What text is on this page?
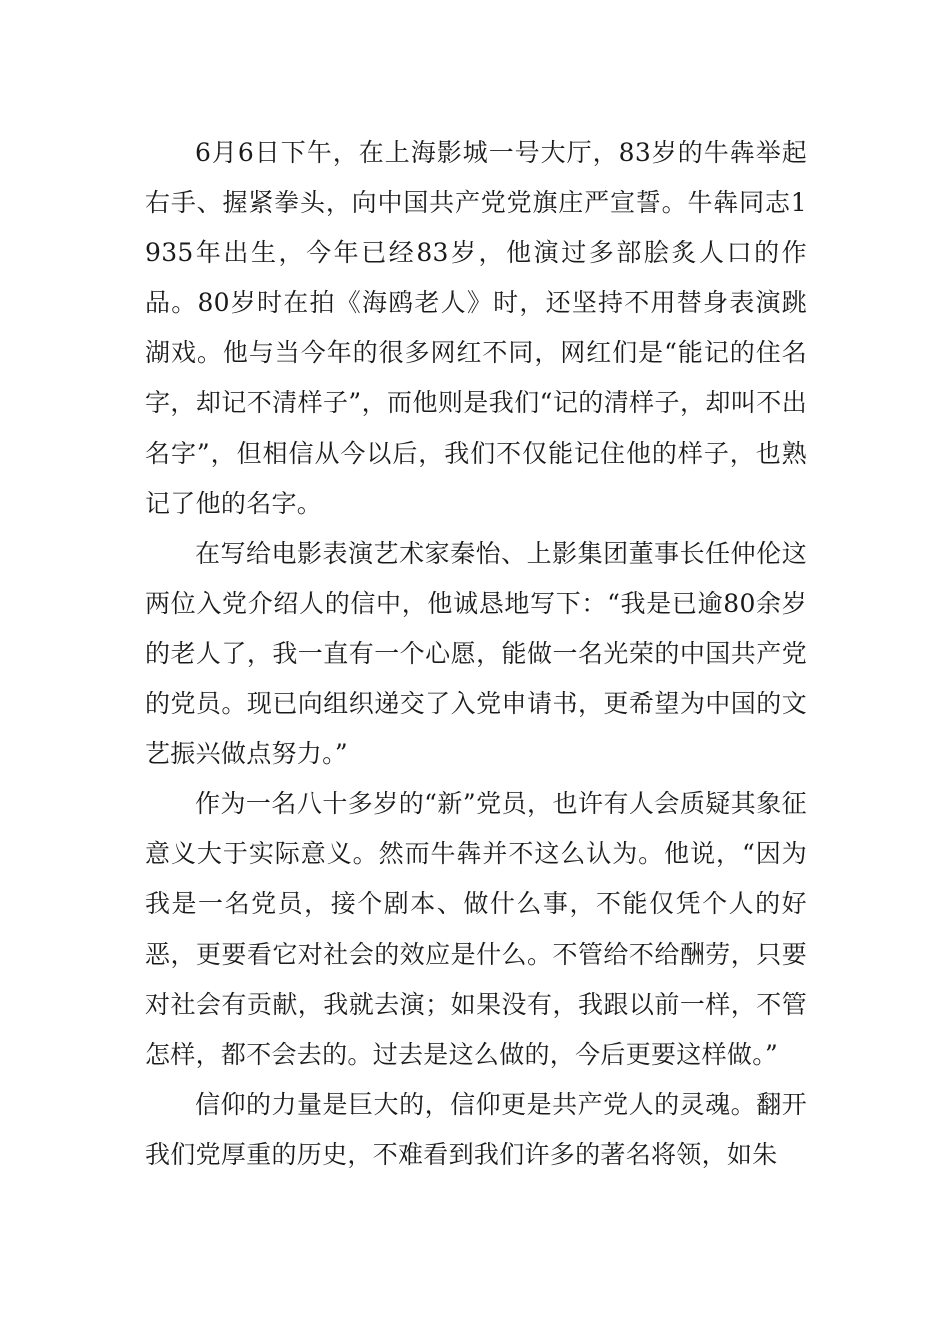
6月6日下午，在上海影城一号大厅，83岁的牛犇举起右手、握紧拳头，向中国共产党党旗庄严宣誓。牛犇同志1935年出生，今年已经83岁，他演过多部脍炙人口的作品。80岁时在拍《海鸥老人》时，还坚持不用替身表演跳湖戏。他与当今年的很多网红不同，网红们是“能记的住名字，却记不清样子”，而他则是我们“记的清样子，却叫不出名字”，但相信从今以后，我们不仅能记住他的样子，也熟记了他的名字。

在写给电影表演艺术家秦怡、上影集团董事长任仲伦这两位入党介绍人的信中，他诚恳地写下：“我是已逾80余岁的老人了，我一直有一个心愿，能做一名光荣的中国共产党的党员。现已向组织递交了入党申请书，更希望为中国的文艺振兴做点努力。”

作为一名八十多岁的“新”党员，也许有人会质疑其象征意义大于实际意义。然而牛犇并不这么认为。他说，“因为我是一名党员，接个剧本、做什么事，不能仅凭个人的好恶，更要看它对社会的效应是什么。不管给不给酬劳，只要对社会有贡献，我就去演；如果没有，我跟以前一样，不管怎样，都不会去的。过去是这么做的，今后更要这样做。”

信仰的力量是巨大的，信仰更是共产党人的灵魂。翻开我们党厚重的历史，不难看到我们许多的著名将领，如朱
